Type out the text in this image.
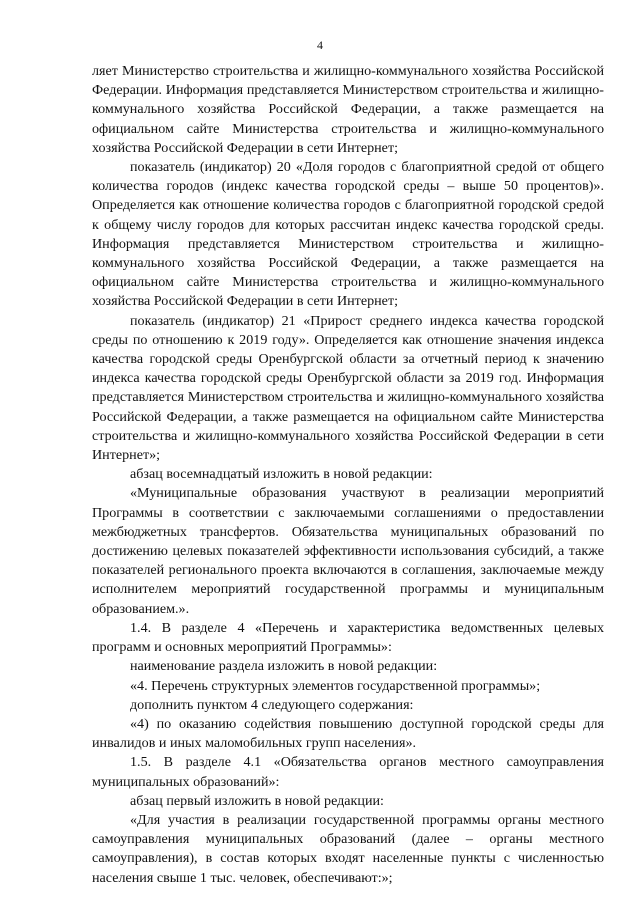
4

ляет Министерство строительства и жилищно-коммунального хозяйства Российской Федерации. Информация представляется Министерством строительства и жилищно-коммунального хозяйства Российской Федерации, а также размещается на официальном сайте Министерства строительства и жилищно-коммунального хозяйства Российской Федерации в сети Интернет;

показатель (индикатор) 20 «Доля городов с благоприятной средой от общего количества городов (индекс качества городской среды – выше 50 процентов)». Определяется как отношение количества городов с благоприятной городской средой к общему числу городов для которых рассчитан индекс качества городской среды. Информация представляется Министерством строительства и жилищно-коммунального хозяйства Российской Федерации, а также размещается на официальном сайте Министерства строительства и жилищно-коммунального хозяйства Российской Федерации в сети Интернет;

показатель (индикатор) 21 «Прирост среднего индекса качества городской среды по отношению к 2019 году». Определяется как отношение значения индекса качества городской среды Оренбургской области за отчетный период к значению индекса качества городской среды Оренбургской области за 2019 год. Информация представляется Министерством строительства и жилищно-коммунального хозяйства Российской Федерации, а также размещается на официальном сайте Министерства строительства и жилищно-коммунального хозяйства Российской Федерации в сети Интернет»;

абзац восемнадцатый изложить в новой редакции:

«Муниципальные образования участвуют в реализации мероприятий Программы в соответствии с заключаемыми соглашениями о предоставлении межбюджетных трансфертов. Обязательства муниципальных образований по достижению целевых показателей эффективности использования субсидий, а также показателей регионального проекта включаются в соглашения, заключаемые между исполнителем мероприятий государственной программы и муниципальным образованием.».

1.4. В разделе 4 «Перечень и характеристика ведомственных целевых программ и основных мероприятий Программы»:

наименование раздела изложить в новой редакции:

«4. Перечень структурных элементов государственной программы»;

дополнить пунктом 4 следующего содержания:

«4) по оказанию содействия повышению доступной городской среды для инвалидов и иных маломобильных групп населения».

1.5. В разделе 4.1 «Обязательства органов местного самоуправления муниципальных образований»:

абзац первый изложить в новой редакции:

«Для участия в реализации государственной программы органы местного самоуправления муниципальных образований (далее – органы местного самоуправления), в состав которых входят населенные пункты с численностью населения свыше 1 тыс. человек, обеспечивают:»;
